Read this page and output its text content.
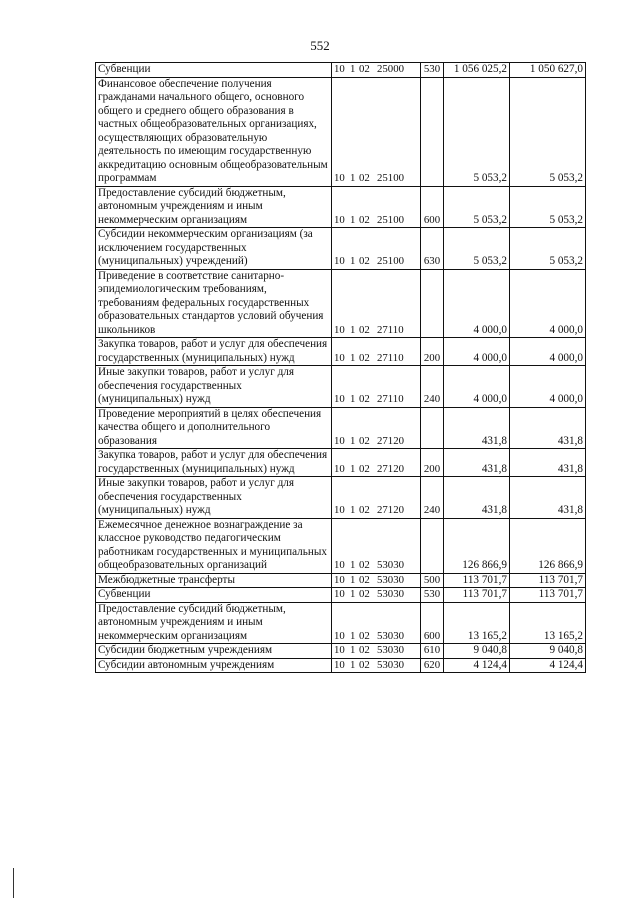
552
Субвенции	10 1 02 25000	530	1 056 025,2	1 050 627,0
Финансовое обеспечение получения гражданами начального общего, основного общего и среднего общего образования в частных общеобразовательных организациях, осуществляющих образовательную деятельность по имеющим государственную аккредитацию основным общеобразовательным программам	10 1 02 25100		5 053,2	5 053,2
Предоставление субсидий бюджетным, автономным учреждениям и иным некоммерческим организациям	10 1 02 25100	600	5 053,2	5 053,2
Субсидии некоммерческим организациям (за исключением государственных (муниципальных) учреждений)	10 1 02 25100	630	5 053,2	5 053,2
Приведение в соответствие санитарно-эпидемиологическим требованиям, требованиям федеральных государственных образовательных стандартов условий обучения школьников	10 1 02 27110		4 000,0	4 000,0
Закупка товаров, работ и услуг для обеспечения государственных (муниципальных) нужд	10 1 02 27110	200	4 000,0	4 000,0
Иные закупки товаров, работ и услуг для обеспечения государственных (муниципальных) нужд	10 1 02 27110	240	4 000,0	4 000,0
Проведение мероприятий в целях обеспечения качества общего и дополнительного образования	10 1 02 27120		431,8	431,8
Закупка товаров, работ и услуг для обеспечения государственных (муниципальных) нужд	10 1 02 27120	200	431,8	431,8
Иные закупки товаров, работ и услуг для обеспечения государственных (муниципальных) нужд	10 1 02 27120	240	431,8	431,8
Ежемесячное денежное вознаграждение за классное руководство педагогическим работникам государственных и муниципальных общеобразовательных организаций	10 1 02 53030		126 866,9	126 866,9
Межбюджетные трансферты	10 1 02 53030	500	113 701,7	113 701,7
Субвенции	10 1 02 53030	530	113 701,7	113 701,7
Предоставление субсидий бюджетным, автономным учреждениям и иным некоммерческим организациям	10 1 02 53030	600	13 165,2	13 165,2
Субсидии бюджетным учреждениям	10 1 02 53030	610	9 040,8	9 040,8
Субсидии автономным учреждениям	10 1 02 53030	620	4 124,4	4 124,4
